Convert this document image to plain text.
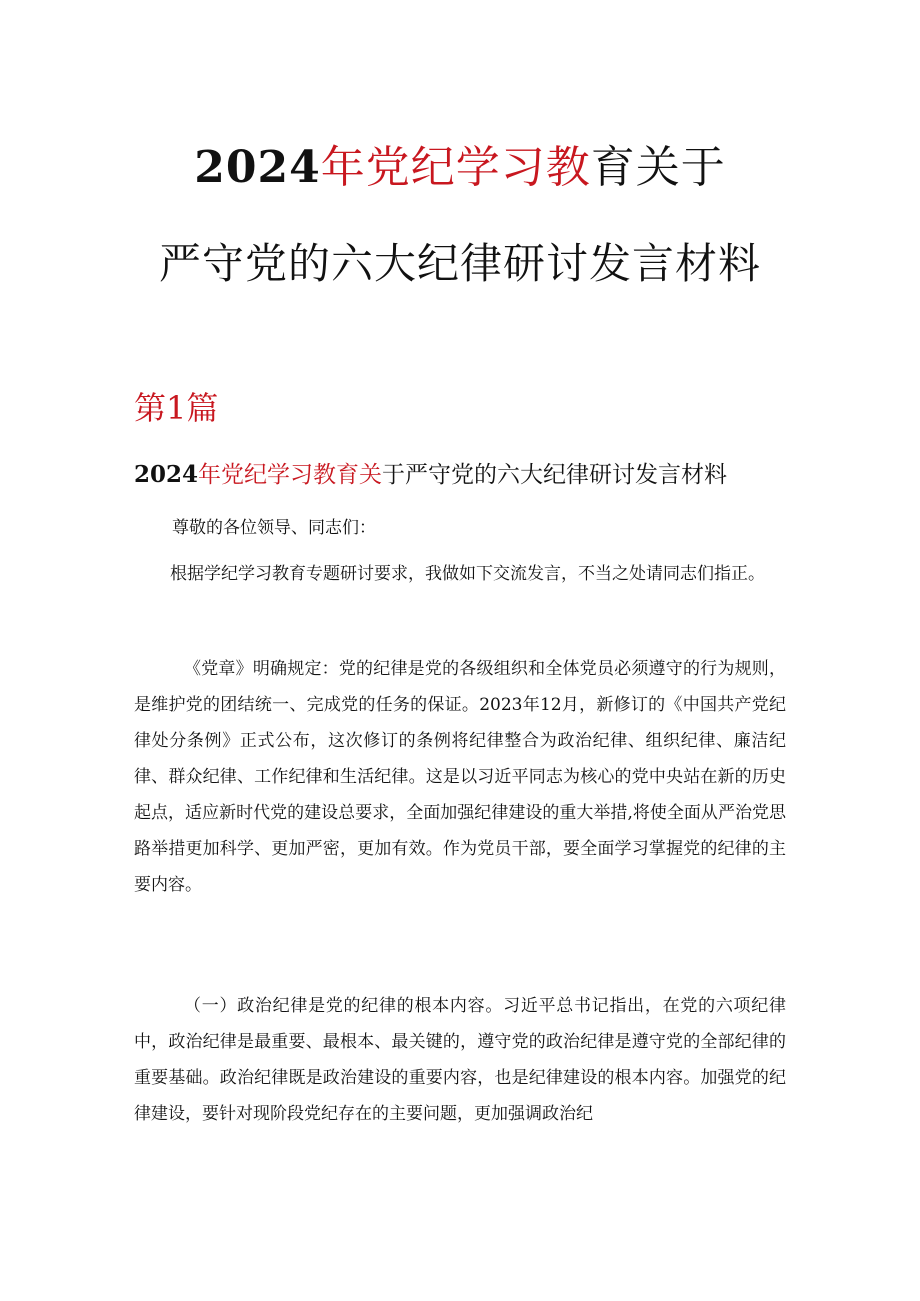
2024年党纪学习教育关于
严守党的六大纪律研讨发言材料
第1篇
2024年党纪学习教育关于严守党的六大纪律研讨发言材料
尊敬的各位领导、同志们：

根据学纪学习教育专题研讨要求，我做如下交流发言，不当之处请同志们指正。

《党章》明确规定：党的纪律是党的各级组织和全体党员必须遵守的行为规则，是维护党的团结统一、完成党的任务的保证。2023年12月，新修订的《中国共产党纪律处分条例》正式公布，这次修订的条例将纪律整合为政治纪律、组织纪律、廉洁纪律、群众纪律、工作纪律和生活纪律。这是以习近平同志为核心的党中央站在新的历史起点，适应新时代党的建设总要求，全面加强纪律建设的重大举措,将使全面从严治党思路举措更加科学、更加严密，更加有效。作为党员干部，要全面学习掌握党的纪律的主要内容。

（一）政治纪律是党的纪律的根本内容。习近平总书记指出，在党的六项纪律中，政治纪律是最重要、最根本、最关键的，遵守党的政治纪律是遵守党的全部纪律的重要基础。政治纪律既是政治建设的重要内容，也是纪律建设的根本内容。加强党的纪律建设，要针对现阶段党纪存在的主要问题，更加强调政治纪
